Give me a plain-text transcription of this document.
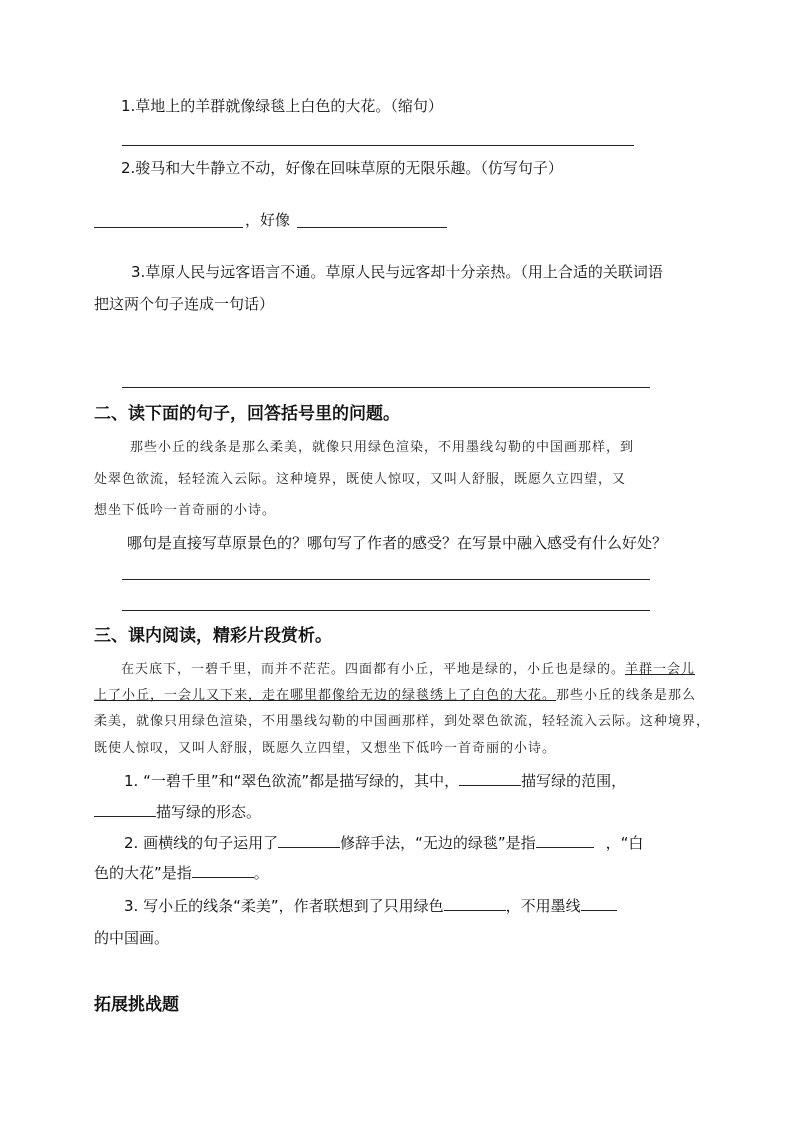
1.草地上的羊群就像绿毯上白色的大花。（缩句）
2.骏马和大牛静立不动，好像在回味草原的无限乐趣。（仿写句子）
，好像
3.草原人民与远客语言不通。草原人民与远客却十分亲热。（用上合适的关联词语
把这两个句子连成一句话）
二、读下面的句子，回答括号里的问题。
那些小丘的线条是那么柔美，就像只用绿色渲染，不用墨线勾勒的中国画那样，到
处翠色欲流，轻轻流入云际。这种境界，既使人惊叹，又叫人舒服，既愿久立四望，又
想坐下低吟一首奇丽的小诗。
哪句是直接写草原景色的？哪句写了作者的感受？在写景中融入感受有什么好处？
三、课内阅读，精彩片段赏析。
在天底下，一碧千里，而并不茫茫。四面都有小丘，平地是绿的，小丘也是绿的。羊群一会儿
上了小丘，一会儿又下来，走在哪里都像给无边的绿毯绣上了白色的大花。那些小丘的线条是那么
柔美，就像只用绿色渲染，不用墨线勾勒的中国画那样，到处翠色欲流，轻轻流入云际。这种境界，
既使人惊叹，又叫人舒服，既愿久立四望，又想坐下低吟一首奇丽的小诗。
1. “一碧千里”和“翠色欲流”都是描写绿的，其中，	描写绿的范围，
描写绿的形态。
2. 画横线的句子运用了	修辞手法，“无边的绿毯”是指	，“白
色的大花”是指	。
3. 写小丘的线条“柔美”，作者联想到了只用绿色	，不用墨线
的中国画。
拓展挑战题
